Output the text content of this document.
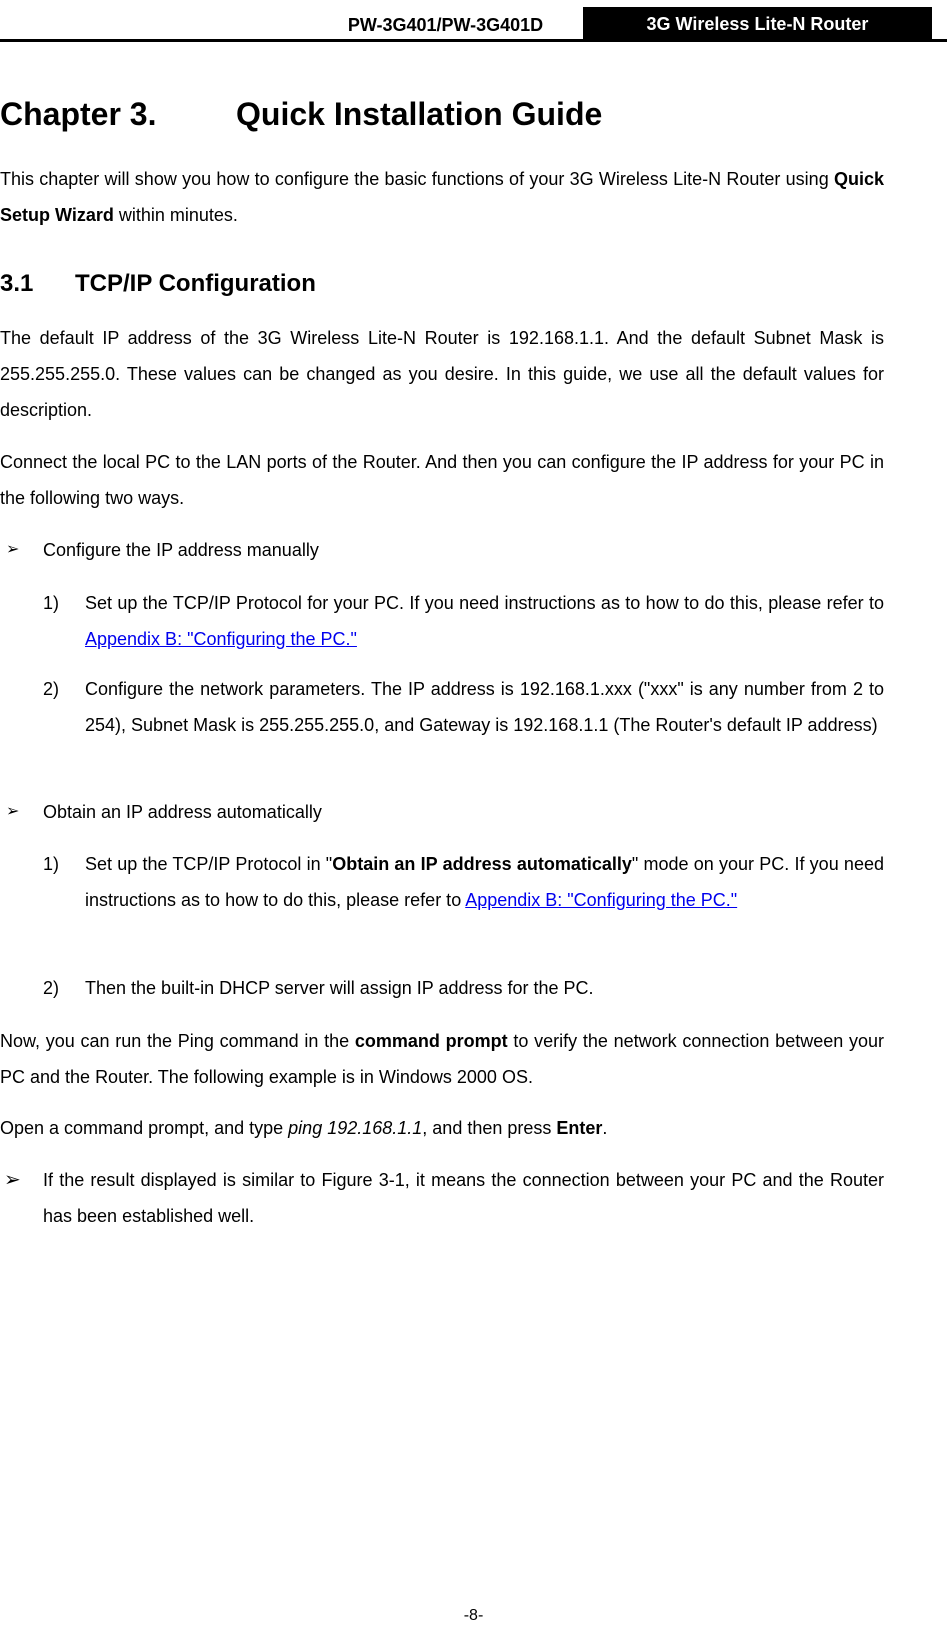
PW-3G401/PW-3G401D	3G Wireless Lite-N Router
Chapter 3. Quick Installation Guide

This chapter will show you how to configure the basic functions of your 3G Wireless Lite-N Router using Quick Setup Wizard within minutes.

3.1 TCP/IP Configuration

The default IP address of the 3G Wireless Lite-N Router is 192.168.1.1. And the default Subnet Mask is 255.255.255.0. These values can be changed as you desire. In this guide, we use all the default values for description.

Connect the local PC to the LAN ports of the Router. And then you can configure the IP address for your PC in the following two ways.

➢ Configure the IP address manually

1) Set up the TCP/IP Protocol for your PC. If you need instructions as to how to do this, please refer to Appendix B: "Configuring the PC."

2) Configure the network parameters. The IP address is 192.168.1.xxx ("xxx" is any number from 2 to 254), Subnet Mask is 255.255.255.0, and Gateway is 192.168.1.1 (The Router's default IP address)

➢ Obtain an IP address automatically

1) Set up the TCP/IP Protocol in "Obtain an IP address automatically" mode on your PC. If you need instructions as to how to do this, please refer to Appendix B: "Configuring the PC."

2) Then the built-in DHCP server will assign IP address for the PC.

Now, you can run the Ping command in the command prompt to verify the network connection between your PC and the Router. The following example is in Windows 2000 OS.

Open a command prompt, and type ping 192.168.1.1, and then press Enter.

➢ If the result displayed is similar to Figure 3-1, it means the connection between your PC and the Router has been established well.

-8-
